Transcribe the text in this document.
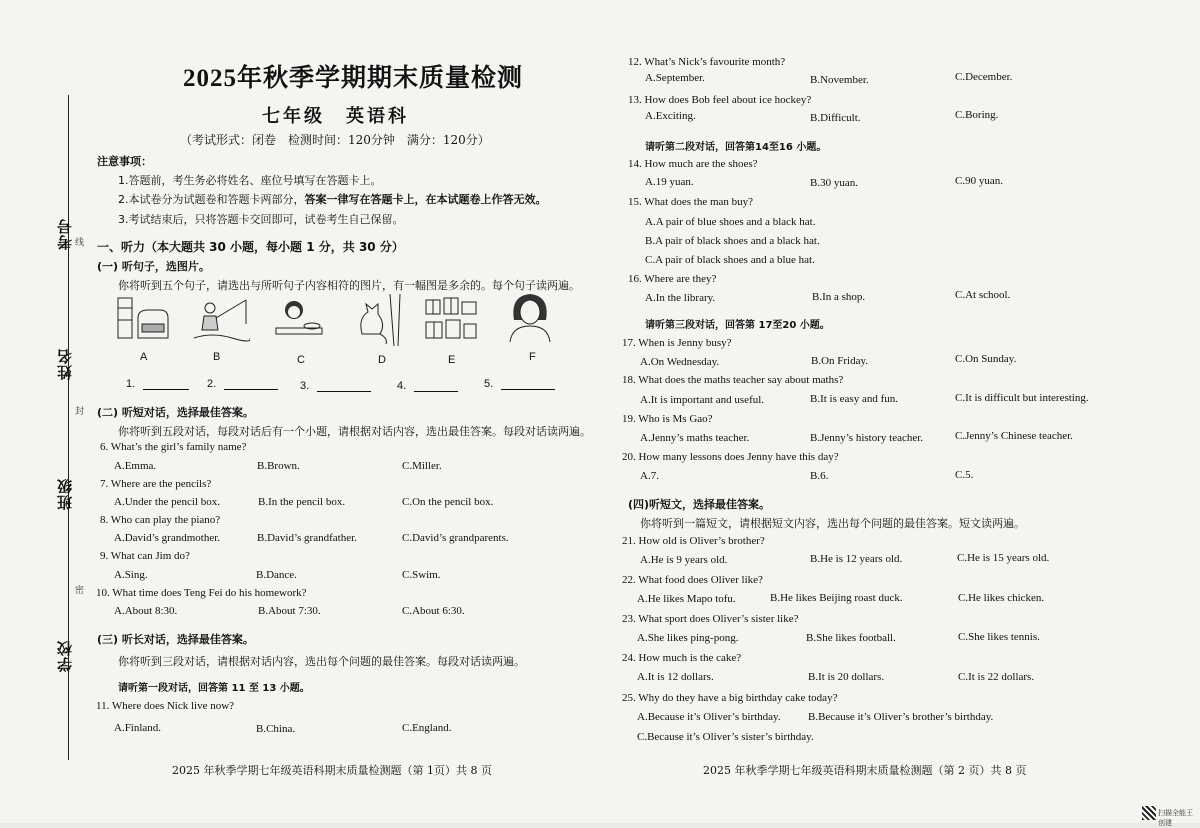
考号
姓名
班级
学校
线
封
密
2025年秋季学期期末质量检测
七年级　英语科
（考试形式：闭卷　检测时间：120分钟　满分：120分）
注意事项：
1.答题前，考生务必将姓名、座位号填写在答题卡上。
2.本试卷分为试题卷和答题卡两部分，答案一律写在答题卡上，在本试题卷上作答无效。
3.考试结束后，只将答题卡交回即可，试卷考生自己保留。
一、听力（本大题共 30 小题，每小题 1 分，共 30 分）
(一) 听句子，选图片。
你将听到五个句子，请选出与所听句子内容相符的图片，有一幅图是多余的。每个句子读两遍。
A	B	C	D	E	F
1.	2.	3.	4.	5.
(二) 听短对话，选择最佳答案。
你将听到五段对话，每段对话后有一个小题，请根据对话内容，选出最佳答案。每段对话读两遍。
6. What’s the girl’s family name?
A.Emma.	B.Brown.	C.Miller.
7. Where are the pencils?
A.Under the pencil box.	B.In the pencil box.	C.On the pencil box.
8. Who can play the piano?
A.David’s grandmother.	B.David’s grandfather.	C.David’s grandparents.
9. What can Jim do?
A.Sing.	B.Dance.	C.Swim.
10. What time does Teng Fei do his homework?
A.About 8:30.	B.About 7:30.	C.About 6:30.
(三) 听长对话，选择最佳答案。
你将听到三段对话，请根据对话内容，选出每个问题的最佳答案。每段对话读两遍。
请听第一段对话，回答第 11 至 13 小题。
11. Where does Nick live now?
A.Finland.	B.China.	C.England.
2025 年秋季学期七年级英语科期末质量检测题（第 1页）共 8 页
12. What’s Nick’s favourite month?
A.September.	B.November.	C.December.
13. How does Bob feel about ice hockey?
A.Exciting.	B.Difficult.	C.Boring.
请听第二段对话，回答第14至16 小题。
14. How much are the shoes?
A.19 yuan.	B.30 yuan.	C.90 yuan.
15. What does the man buy?
A.A pair of blue shoes and a black hat.
B.A pair of black shoes and a black hat.
C.A pair of black shoes and a blue hat.
16. Where are they?
A.In the library.	B.In a shop.	C.At school.
请听第三段对话，回答第 17至20 小题。
17. When is Jenny busy?
A.On Wednesday.	B.On Friday.	C.On Sunday.
18. What does the maths teacher say about maths?
A.It is important and useful.	B.It is easy and fun.	C.It is difficult but interesting.
19. Who is Ms Gao?
A.Jenny’s maths teacher.	B.Jenny’s history teacher.	C.Jenny’s Chinese teacher.
20. How many lessons does Jenny have this day?
A.7.	B.6.	C.5.
(四)听短文，选择最佳答案。
你将听到一篇短文，请根据短文内容，选出每个问题的最佳答案。短文读两遍。
21. How old is Oliver’s brother?
A.He is 9 years old.	B.He is 12 years old.	C.He is 15 years old.
22. What food does Oliver like?
A.He likes Mapo tofu.	B.He likes Beijing roast duck.	C.He likes chicken.
23. What sport does Oliver’s sister like?
A.She likes ping-pong.	B.She likes football.	C.She likes tennis.
24. How much is the cake?
A.It is 12 dollars.	B.It is 20 dollars.	C.It is 22 dollars.
25. Why do they have a big birthday cake today?
A.Because it’s Oliver’s birthday. B.Because it’s Oliver’s brother’s birthday.
C.Because it’s Oliver’s sister’s birthday.
2025 年秋季学期七年级英语科期末质量检测题（第 2 页）共 8 页
扫描全能王 创建
